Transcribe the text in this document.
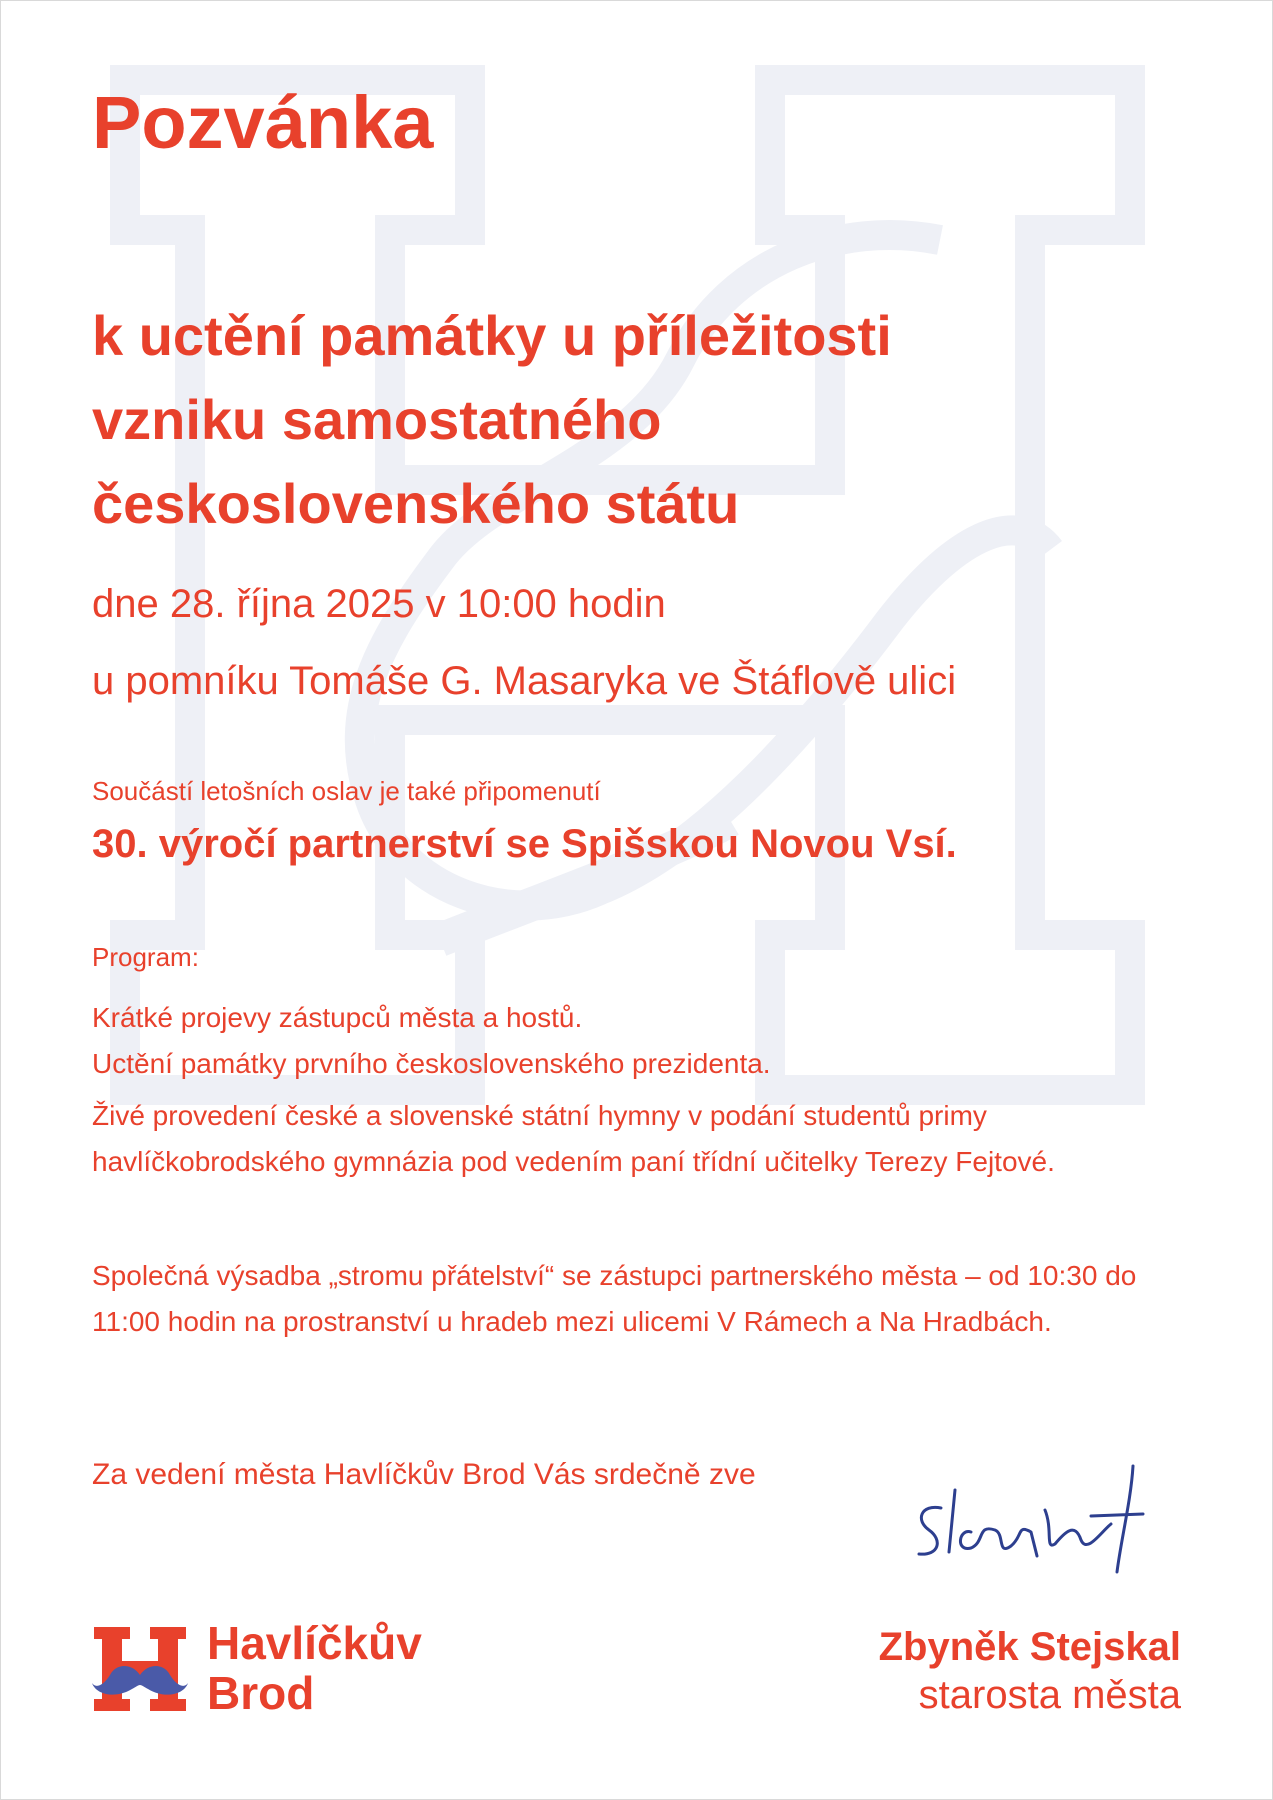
Pozvánka
k uctění památky u příležitosti
vzniku samostatného
československého státu

dne 28. října 2025 v 10:00 hodin

u pomníku Tomáše G. Masaryka ve Štáflově ulici

Součástí letošních oslav je také připomenutí

30. výročí partnerství se Spišskou Novou Vsí.

Program:

Krátké projevy zástupců města a hostů.

Uctění památky prvního československého prezidenta.

Živé provedení české a slovenské státní hymny v podání studentů primy havlíčkobrodského gymnázia pod vedením paní třídní učitelky Terezy Fejtové.

Společná výsadba „stromu přátelství“ se zástupci partnerského města – od 10:30 do 11:00 hodin na prostranství u hradeb mezi ulicemi V Rámech a Na Hradbách.

Za vedení města Havlíčkův Brod Vás srdečně zve

Havlíčkův
Brod

Zbyněk Stejskal

starosta města
